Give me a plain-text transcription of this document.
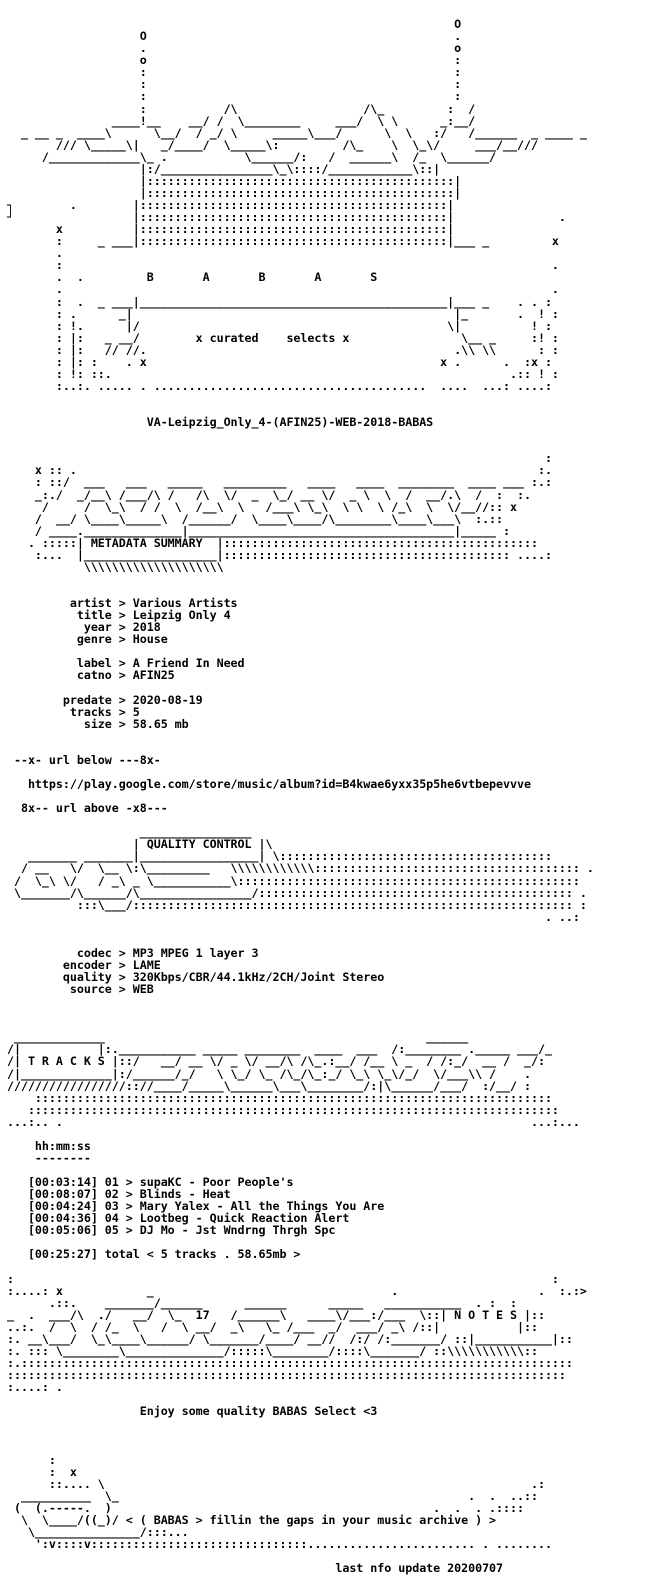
O
O                                            .
.                                            o
o                                            :
:                                            :
:                                            :
:                                            :
:           /\                  /\_         :  /
____!__    __/ /  \________     ___/  \ \      _:__/
_ __ _  ____\      \__/  / _/ \     _____\___/      \  \   :/   /______  _ ____ _
/// \_____\|   _/____/  \_____\:         /\_    \  \_\/     ___/__///
/_____________\_ .           \______/:   /  ______\  /_  \______/
|:/________________\_\::::/____________\::|
|::::::::::::::::::::::::::::::::::::::::::::|
|::::::::::::::::::::::::::::::::::::::::::::|
┐        .        |::::::::::::::::::::::::::::::::::::::::::::|
┘                 |::::::::::::::::::::::::::::::::::::::::::::|               .
x          |::::::::::::::::::::::::::::::::::::::::::::|
:     _ ___|::::::::::::::::::::::::::::::::::::::::::::|___ _         x
.
:                                                                      .
.  .         B       A       B       A       S
.                                                                      .
:  .  _ ___|____________________________________________|___ _    . . :
: .      _|                                              |_       .  ! :
: !.      |/                                            \|          ! :
: |:   _ __/        x curated    selects x                \__ _     :! :
: |:   // //.                                            .\\ \\      : :
: |: :    . x                                          x .      .  :x :
: !: ::.                                                         .:: ! :
:..:. ..... . .......................................  ....  ...: ....:

VA-Leipzig_Only_4-(AFIN25)-WEB-2018-BABAS

:
x :: .                                                                  :.
: ::/  ___   ___   _____   _________   ____   ____  ________  ____ ___ :.:
_:./  _/__\ /___/\ /   /\  \/  _  \_/ __ \/  _ \  \  /  __/.\  /  :  :.
/     /  \_\  / /  \  /__\  \   /___\ \_\  \ \  \ /_\  \  \/__//:: x
/  __/ \____\_____\  /______/  \____\____/\________\____\___\  :.::
/ ____.______________|______________________________________|_____ :
. :::::| METADATA SUMMARY  |:::::::::::::::::::::::::::::::::::::::::::::
:...  |___________________|::::::::::::::::::::::::::::::::::::::::: ....:
\\\\\\\\\\\\\\\\\\\\

artist > Various Artists
title > Leipzig Only 4
year > 2018
genre > House

label > A Friend In Need
catno > AFIN25

predate > 2020-08-19
tracks > 5
size > 58.65 mb

--x- url below ---8x-

https://play.google.com/store/music/album?id=B4kwae6yxx35p5he6vtbepevvve

8x-- url above -x8---

________________
| QUALITY CONTROL |\
_______ _______|_________________| \:::::::::::::::::::::::::::::::::::::::
/ __   \/  \__ \:\_________   \\\\\\\\\\\\:::::::::::::::::::::::::::::::::::::: .
/  \_\ \/   / _\ _ \___________\:::::::::::::::::::::::::::::::::::::::::::::::::
\_______/\______/\________________/::::::::::::::::::::::::::::::::::::::::::::: .
:::\___/::::::::::::::::::::::::::::::::::::::::::::::::::::::::::::::: :
. ..:

codec > MP3 MPEG 1 layer 3
encoder > LAME
quality > 320Kbps/CBR/44.1kHz/2CH/Joint Stereo
source > WEB

_____________                                              ______
/|           |:.___________ _____ ________  ____  ___  /:________ ._____ ___/_
/| T R A C K S |::/   __/ __ \/ _ \/ __/\ /\_.:__/ /__ \ _  / /:_/  __ /  _/:
/|_____________|:/______/_/   \ \_/ \_ /\_/\_:_/ \_\ \_\/_/  \/___\\ /    .
/////////////////:://____/_____\______\___\________/:|\______/___/  :/__/ :
::::::::::::::::::::::::::::::::::::::::::::::::::::::::::::::::::::::::::
::::::::::::::::::::::::::::::::::::::::::::::::::::::::::::::::::::::::::::
...:.. .                                                                   ...:...

hh:mm:ss
--------

[00:03:14] 01 > supaKC - Poor People's
[00:08:07] 02 > Blinds - Heat
[00:04:24] 03 > Mary Yalex - All the Things You Are
[00:04:36] 04 > Lootbeg - Quick Reaction Alert
[00:05:06] 05 > DJ Mo - Jst Wndrng Thrgh Spc

[00:25:27] total < 5 tracks . 58.65mb >

:                                                                             :
:....: x            _                                  .                    .  :.:>
.::.    _______/______      ______      _____   ___________  . :  :
_  .  ___/\  ./   __/  \_  17   /______\   ____\/___:/___  \::| N O T E S |::
..:.  /  \  / /_  \   /  \ __/  _\   \_ /___  _/  ___/ _\ /::|           |::
:. __\___/  \_\____\______/ \_______/____/ __//  /:/ /:_______/ ::|___________|::
:. ::: \________\______________/:::::\________/::::\_______/ ::\\\\\\\\\\\::
:.:::::::::::::::::::::::::::::::::::::::::::::::::::::::::::::::::::::::::::::::
::::::::::::::::::::::::::::::::::::::::::::::::::::::::::::::::::::::::::::::::
:....: .

Enjoy some quality BABAS Select <3

:
:  x
::.... \                                                             .:
__________  \_                                                  .  .  ..::
(  (.-----.  )                                              .  .  . .::::
\  \____/((_)/ < ( BABAS > fillin the gaps in your music archive ) >
\_______________/:::...
':v::::v:::::::::::::::::::::::::::::::........................ . ........

last nfo update 20200707
